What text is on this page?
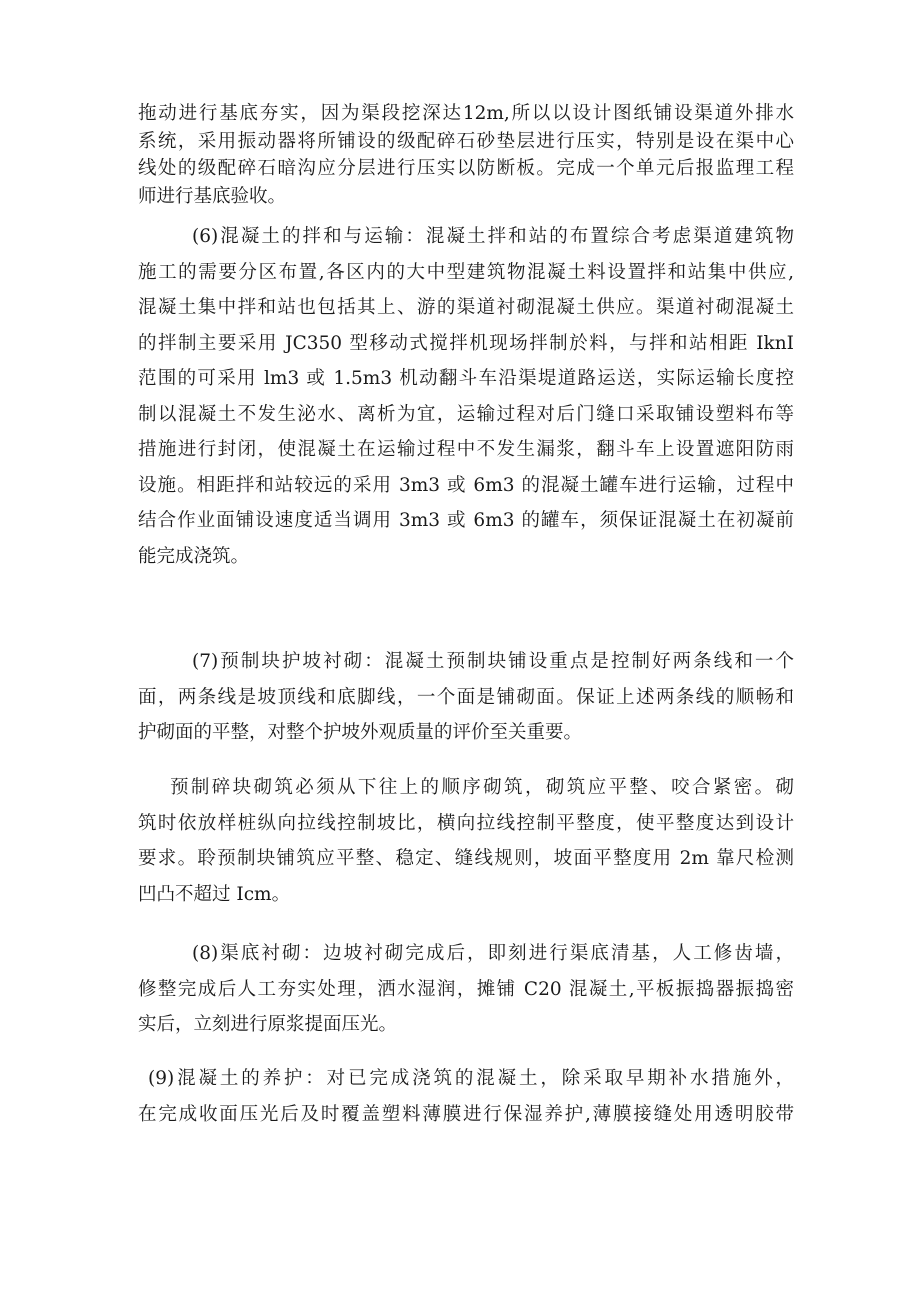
拖动进行基底夯实，因为渠段挖深达12m,所以以设计图纸铺设渠道外排水
系统，采用振动器将所铺设的级配碎石砂垫层进行压实，特别是设在渠中心
线处的级配碎石暗沟应分层进行压实以防断板。完成一个单元后报监理工程
师进行基底验收。
(6)混凝土的拌和与运输：混凝土拌和站的布置综合考虑渠道建筑物
施工的需要分区布置,各区内的大中型建筑物混凝土料设置拌和站集中供应,
混凝土集中拌和站也包括其上、游的渠道衬砌混凝土供应。渠道衬砌混凝土
的拌制主要采用 JC350 型移动式搅拌机现场拌制於料，与拌和站相距 IknI
范围的可采用 lm3 或 1.5m3 机动翻斗车沿渠堤道路运送，实际运输长度控
制以混凝土不发生泌水、离析为宜，运输过程对后门缝口采取铺设塑料布等
措施进行封闭，使混凝土在运输过程中不发生漏浆，翻斗车上设置遮阳防雨
设施。相距拌和站较远的采用 3m3 或 6m3 的混凝土罐车进行运输，过程中
结合作业面铺设速度适当调用 3m3 或 6m3 的罐车，须保证混凝土在初凝前
能完成浇筑。
(7)预制块护坡衬砌：混凝土预制块铺设重点是控制好两条线和一个
面，两条线是坡顶线和底脚线，一个面是铺砌面。保证上述两条线的顺畅和
护砌面的平整，对整个护坡外观质量的评价至关重要。
预制碎块砌筑必须从下往上的顺序砌筑，砌筑应平整、咬合紧密。砌
筑时依放样桩纵向拉线控制坡比，横向拉线控制平整度，使平整度达到设计
要求。聆预制块铺筑应平整、稳定、缝线规则，坡面平整度用 2m 靠尺检测
凹凸不超过 Icm。
(8)渠底衬砌：边坡衬砌完成后，即刻进行渠底清基，人工修齿墙，
修整完成后人工夯实处理，洒水湿润，摊铺 C20 混凝土,平板振捣器振捣密
实后，立刻进行原浆提面压光。
(9)混凝土的养护：对已完成浇筑的混凝土，除采取早期补水措施外，
在完成收面压光后及时覆盖塑料薄膜进行保湿养护,薄膜接缝处用透明胶带
